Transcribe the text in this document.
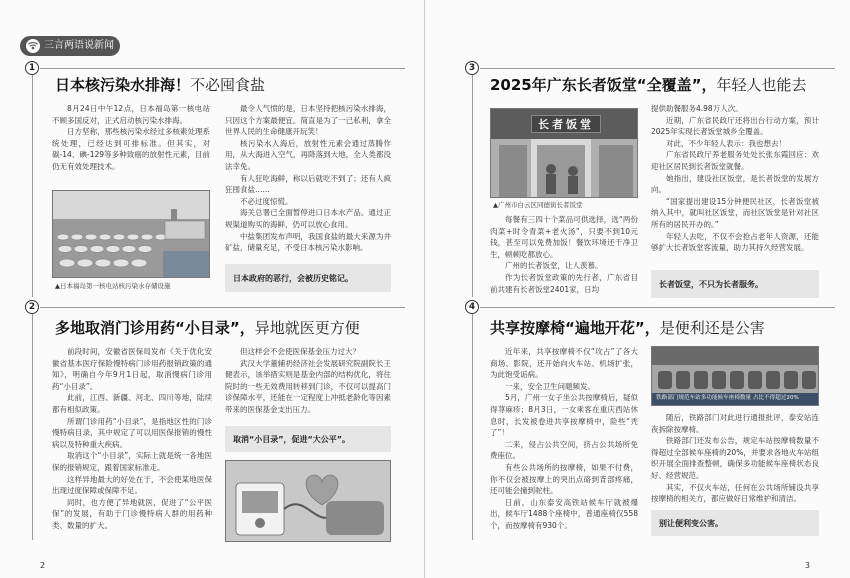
三言两语说新闻
1
日本核污染水排海！不必囤食盐

8月24日中午12点，日本福岛第一核电站不顾多国反对，正式启动核污染水排海。

日方坚称，那些核污染水经过多核素处理系统处理，已经达到可排标准。但其实，对碳-14、碘-129等多种致癌的放射性元素，目前仍无有效处理技术。

▲日本福岛第一核电站核污染水存储设施

最令人气愤的是，日本坚持把核污染水排海，只因这个方案最便宜。简直是为了一己私利，拿全世界人民的生命健康开玩笑！

核污染水入海后，放射性元素会通过蒸腾作用，从大海进入空气，再降落到大地，全人类都没法幸免。

有人狂吃海鲜，称以后就吃不到了；还有人疯狂囤食盐……

不必过度惊慌。

海关总署已全面暂停进口日本水产品。通过正规渠道购买的海鲜，仍可以放心食用。

中盐集团发布声明，我国食盐的最大来源为井矿盐，储量充足，不受日本核污染水影响。

日本政府的恶行，会被历史铭记。
2
多地取消门诊用药“小目录”，异地就医更方便

前段时间，安徽省医保局发布《关于优化安徽省基本医疗保险慢特病门诊用药报销政策的通知》，明确自今年9月1日起，取消慢病门诊用药“小目录”。

此前，江西、新疆、河北、四川等地，陆续都有相似政策。

所谓门诊用药“小目录”，是指地区性的门诊慢特病目录，其中规定了可以用医保报销的慢性病以及特种重大疾病。

取消这个“小目录”，实际上就是统一各地医保的报销规定，跟着国家标准走。

这样异地最大的好处在于，不会使某地医保出现过度保障或保障不足。

同时，也方便了异地就医，促进了“公平医保”的发展，有助于门诊慢特病人群的用药种类、数量的扩大。

但这样会不会使医保基金压力过大？

武汉大学董辅礽经济社会发展研究院副院长王健表示，该举措实则是基金内部的结构优化，将住院时的一些无效费用转移到门诊，不仅可以提高门诊保障水平，还能在一定程度上冲抵老龄化等因素带来的医保基金支出压力。

取消“小目录”，促进“大公平”。
2
3
2025年广东长者饭堂“全覆盖”，年轻人也能去
长者饭堂
▲广州市白云区同德街长者饭堂

每餐有三四十个菜品可供选择，选“两份肉菜+时令青菜+老火汤”，只要不到10元钱，甚至可以免费加饭！餐饮环境还干净卫生，顿顿吃都放心。

广州的长者饭堂，让人羡慕。

作为长者饭堂政策的先行者，广东省目前共建有长者饭堂2401家，日均

提供助餐服务4.98万人次。

近期，广东省民政厅还将出台行动方案，预计2025年实现长者饭堂城乡全覆盖。

对此，不少年轻人表示：我也想去！

广东省民政厅养老服务处处长张东霞回应：欢迎社区居民到长者饭堂就餐。

她指出，建设社区饭堂，是长者饭堂的发展方向。

“国家提出建设15分钟便民社区，长者饭堂被纳入其中，就叫社区饭堂，而社区饭堂是针对社区所有的居民开办的。”

年轻人去吃，不仅不会抢占老年人资源，还能够扩大长者饭堂客流量，助力其持久经营发展。

长者饭堂，不只为长者服务。
4
共享按摩椅“遍地开花”，是便利还是公害

近年来，共享按摩椅不仅“攻占”了各大商场、影院，还开始向火车站、机场扩张，为此饱受诟病。

一来，安全卫生问题频发。

5月，广州一女子坐公共按摩椅后，疑似得荨麻疹；8月3日，一女乘客在重庆西站休息时，长发被卷进共享按摩椅中，险些“秃了”！

二来，侵占公共空间，挤占公共场所免费座位。

有些公共场所的按摩椅，如果不付费，你不仅会被按摩上的突出点硌到背部疼痛，还可能会撞到驼柱。

日前，山东泰安高铁站候车厅就被爆出，候车厅1488个座椅中，普通座椅仅558个，而按摩椅有930个。

铁路部门规范车站多功能候车座椅数量 占比不得超过20%

随后，铁路部门对此进行通报批评，泰安站连夜拆除按摩椅。

铁路部门还发布公告，规定车站按摩椅数量不得超过全部候车座椅的20%，并要求各地火车站组织开展全面排查整顿，确保多功能候车座椅状态良好、经营规范。

其实，不仅火车站，任何在公共场所铺设共享按摩椅的相关方，都应做好日常维护和清洁。

别让便利变公害。
3
